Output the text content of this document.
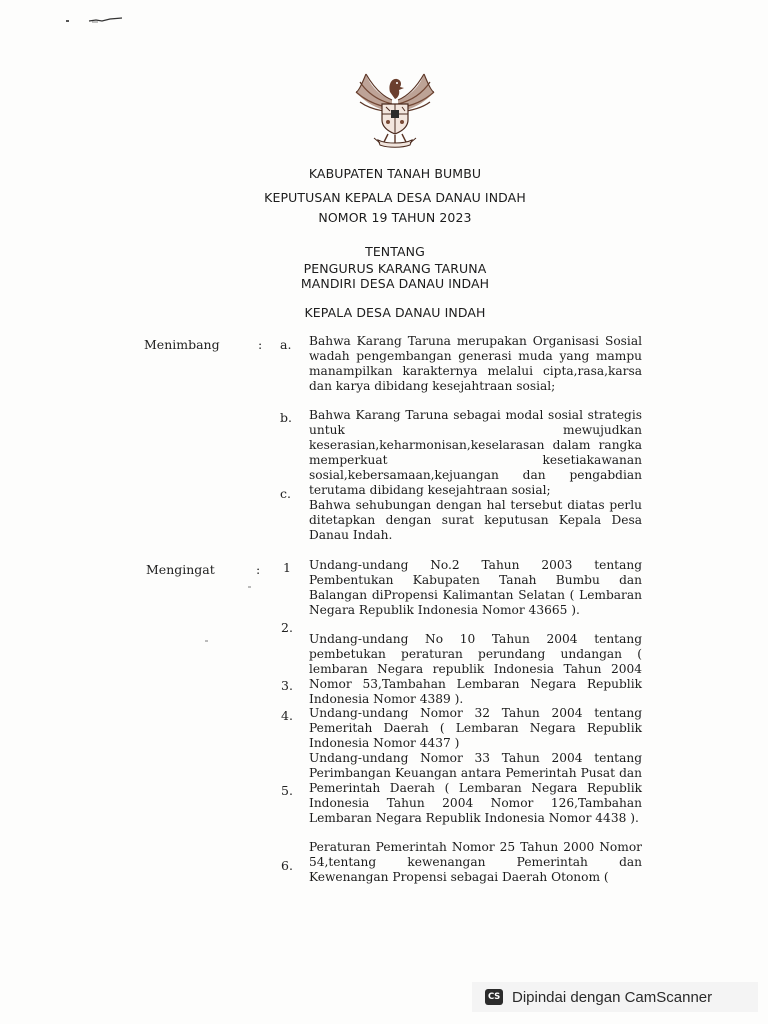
KABUPATEN TANAH BUMBU

KEPUTUSAN KEPALA DESA DANAU INDAH

NOMOR 19 TAHUN 2023

TENTANG

PENGURUS KARANG TARUNA

MANDIRI DESA DANAU INDAH

KEPALA DESA DANAU INDAH

Menimbang	: a.
b.
c.

Bahwa Karang Taruna merupakan Organisasi Sosial wadah pengembangan generasi muda yang mampu manampilkan karakternya melalui cipta,rasa,karsa dan karya dibidang kesejahtraan sosial;

Bahwa Karang Taruna sebagai modal sosial strategis untuk mewujudkan keserasian,keharmonisan,keselarasan dalam rangka memperkuat kesetiakawanan sosial,kebersamaan,kejuangan dan pengabdian terutama dibidang kesejahtraan sosial;

Bahwa sehubungan dengan hal tersebut diatas perlu ditetapkan dengan surat keputusan Kepala Desa Danau Indah.

Mengingat	: 1
2.
3.
4.
5.
6.

Undang-undang No.2 Tahun 2003 tentang Pembentukan Kabupaten Tanah Bumbu dan Balangan diPropensi Kalimantan Selatan ( Lembaran Negara Republik Indonesia Nomor 43665 ).

Undang-undang No 10 Tahun 2004 tentang pembetukan peraturan perundang undangan ( lembaran Negara republik Indonesia Tahun 2004 Nomor 53,Tambahan Lembaran Negara Republik Indonesia Nomor 4389 ).

Undang-undang Nomor 32 Tahun 2004 tentang Pemeritah Daerah ( Lembaran Negara Republik Indonesia Nomor 4437 )

Undang-undang Nomor 33 Tahun 2004 tentang Perimbangan Keuangan antara Pemerintah Pusat dan Pemerintah Daerah ( Lembaran Negara Republik Indonesia Tahun 2004 Nomor 126,Tambahan Lembaran Negara Republik Indonesia Nomor 4438 ).

Peraturan Pemerintah Nomor 25 Tahun 2000 Nomor 54,tentang kewenangan Pemerintah dan Kewenangan Propensi sebagai Daerah Otonom (

CS Dipindai dengan CamScanner
